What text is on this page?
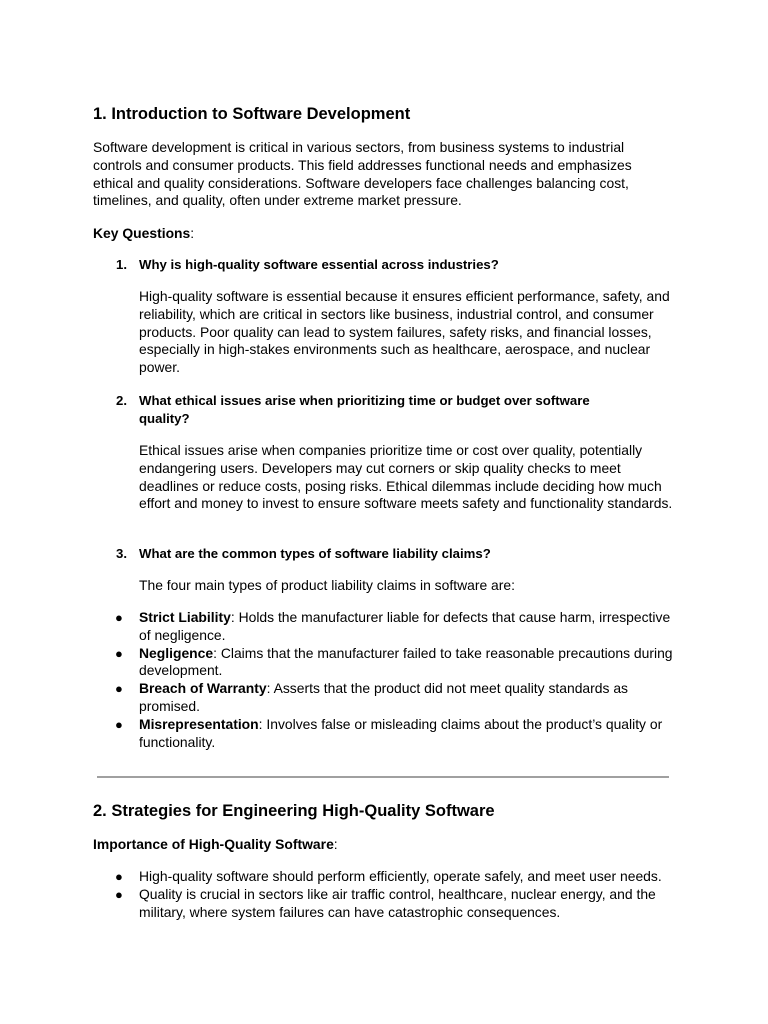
1. Introduction to Software Development

Software development is critical in various sectors, from business systems to industrial controls and consumer products. This field addresses functional needs and emphasizes ethical and quality considerations. Software developers face challenges balancing cost, timelines, and quality, often under extreme market pressure.

Key Questions:

1. Why is high-quality software essential across industries?

High-quality software is essential because it ensures efficient performance, safety, and reliability, which are critical in sectors like business, industrial control, and consumer products. Poor quality can lead to system failures, safety risks, and financial losses, especially in high-stakes environments such as healthcare, aerospace, and nuclear power.

2. What ethical issues arise when prioritizing time or budget over software quality?

Ethical issues arise when companies prioritize time or cost over quality, potentially endangering users. Developers may cut corners or skip quality checks to meet deadlines or reduce costs, posing risks. Ethical dilemmas include deciding how much effort and money to invest to ensure software meets safety and functionality standards.

3. What are the common types of software liability claims?

The four main types of product liability claims in software are:

● Strict Liability: Holds the manufacturer liable for defects that cause harm, irrespective of negligence.
● Negligence: Claims that the manufacturer failed to take reasonable precautions during development.
● Breach of Warranty: Asserts that the product did not meet quality standards as promised.
● Misrepresentation: Involves false or misleading claims about the product’s quality or functionality.
2. Strategies for Engineering High-Quality Software

Importance of High-Quality Software:

● High-quality software should perform efficiently, operate safely, and meet user needs.
● Quality is crucial in sectors like air traffic control, healthcare, nuclear energy, and the military, where system failures can have catastrophic consequences.
